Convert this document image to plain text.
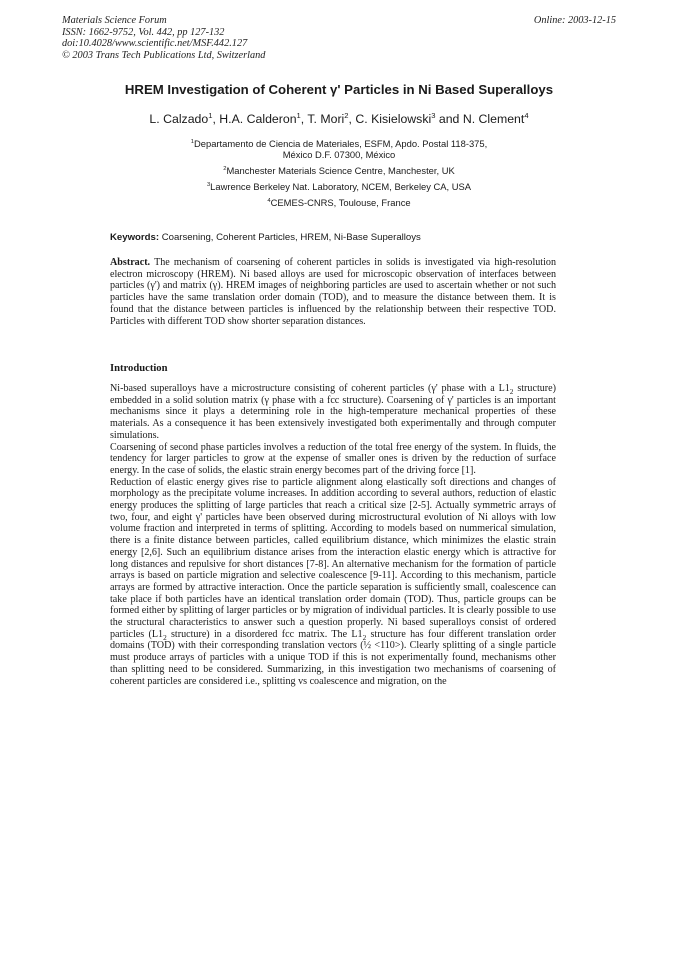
Materials Science Forum
ISSN: 1662-9752, Vol. 442, pp 127-132
doi:10.4028/www.scientific.net/MSF.442.127
© 2003 Trans Tech Publications Ltd, Switzerland
Online: 2003-12-15
HREM Investigation of Coherent γ' Particles in Ni Based Superalloys
L. Calzado$^1$, H.A. Calderon$^1$, T. Mori$^2$, C. Kisielowski$^3$ and N. Clement$^4$
$^1$Departamento de Ciencia de Materiales, ESFM, Apdo. Postal 118-375,
México D.F. 07300, México
$^2$Manchester Materials Science Centre, Manchester, UK
$^3$Lawrence Berkeley Nat. Laboratory, NCEM, Berkeley CA, USA
$^4$CEMES-CNRS, Toulouse, France
Keywords: Coarsening, Coherent Particles, HREM, Ni-Base Superalloys

Abstract. The mechanism of coarsening of coherent particles in solids is investigated via high-resolution electron microscopy (HREM). Ni based alloys are used for microscopic observation of interfaces between particles (γ') and matrix (γ). HREM images of neighboring particles are used to ascertain whether or not such particles have the same translation order domain (TOD), and to measure the distance between them. It is found that the distance between particles is influenced by the relationship between their respective TOD. Particles with different TOD show shorter separation distances.

Introduction

Ni-based superalloys have a microstructure consisting of coherent particles (γ' phase with a $L1_2$ structure) embedded in a solid solution matrix (γ phase with a fcc structure). Coarsening of γ' particles is an important mechanisms since it plays a determining role in the high-temperature mechanical properties of these materials. As a consequence it has been extensively investigated both experimentally and through computer simulations.

Coarsening of second phase particles involves a reduction of the total free energy of the system. In fluids, the tendency for larger particles to grow at the expense of smaller ones is driven by the reduction of surface energy. In the case of solids, the elastic strain energy becomes part of the driving force [1].

Reduction of elastic energy gives rise to particle alignment along elastically soft directions and changes of morphology as the precipitate volume increases. In addition according to several authors, reduction of elastic energy produces the splitting of large particles that reach a critical size [2-5]. Actually symmetric arrays of two, four, and eight γ' particles have been observed during microstructural evolution of Ni alloys with low volume fraction and interpreted in terms of splitting. According to models based on nummerical simulation, there is a finite distance between particles, called equilibrium distance, which minimizes the elastic strain energy [2,6]. Such an equilibrium distance arises from the interaction elastic energy which is attractive for long distances and repulsive for short distances [7-8]. An alternative mechanism for the formation of particle arrays is based on particle migration and selective coalescence [9-11]. According to this mechanism, particle arrays are formed by attractive interaction. Once the particle separation is sufficiently small, coalescence can take place if both particles have an identical translation order domain (TOD). Thus, particle groups can be formed either by splitting of larger particles or by migration of individual particles. It is clearly possible to use the structural characteristics to answer such a question properly. Ni based superalloys consist of ordered particles ($L1_2$ structure) in a disordered fcc matrix. The $L1_2$ structure has four different translation order domains (TOD) with their corresponding translation vectors (½ <110>). Clearly splitting of a single particle must produce arrays of particles with a unique TOD if this is not experimentally found, mechanisms other than splitting need to be considered. Summarizing, in this investigation two mechanisms of coarsening of coherent particles are considered i.e., splitting vs coalescence and migration, on the
